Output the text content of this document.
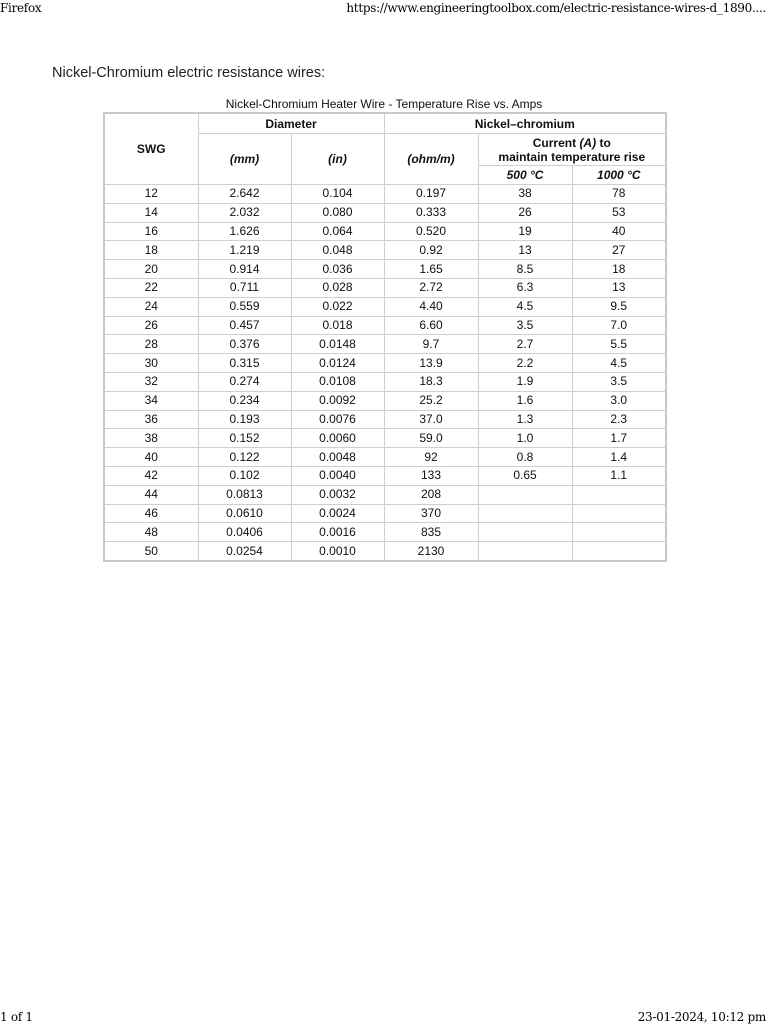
Firefox	https://www.engineeringtoolbox.com/electric-resistance-wires-d_1890....
Nickel-Chromium electric resistance wires:
Nickel-Chromium Heater Wire - Temperature Rise vs. Amps
SWG	Diameter		Nickel–chromium		
	(mm)	(in)	(ohm/m)	Current (A) to
maintain temperature rise	
				500 °C	1000 °C
12	2.642	0.104	0.197	38	78
14	2.032	0.080	0.333	26	53
16	1.626	0.064	0.520	19	40
18	1.219	0.048	0.92	13	27
20	0.914	0.036	1.65	8.5	18
22	0.711	0.028	2.72	6.3	13
24	0.559	0.022	4.40	4.5	9.5
26	0.457	0.018	6.60	3.5	7.0
28	0.376	0.0148	9.7	2.7	5.5
30	0.315	0.0124	13.9	2.2	4.5
32	0.274	0.0108	18.3	1.9	3.5
34	0.234	0.0092	25.2	1.6	3.0
36	0.193	0.0076	37.0	1.3	2.3
38	0.152	0.0060	59.0	1.0	1.7
40	0.122	0.0048	92	0.8	1.4
42	0.102	0.0040	133	0.65	1.1
44	0.0813	0.0032	208		
46	0.0610	0.0024	370		
48	0.0406	0.0016	835		
50	0.0254	0.0010	2130		
1 of 1	23-01-2024, 10:12 pm
